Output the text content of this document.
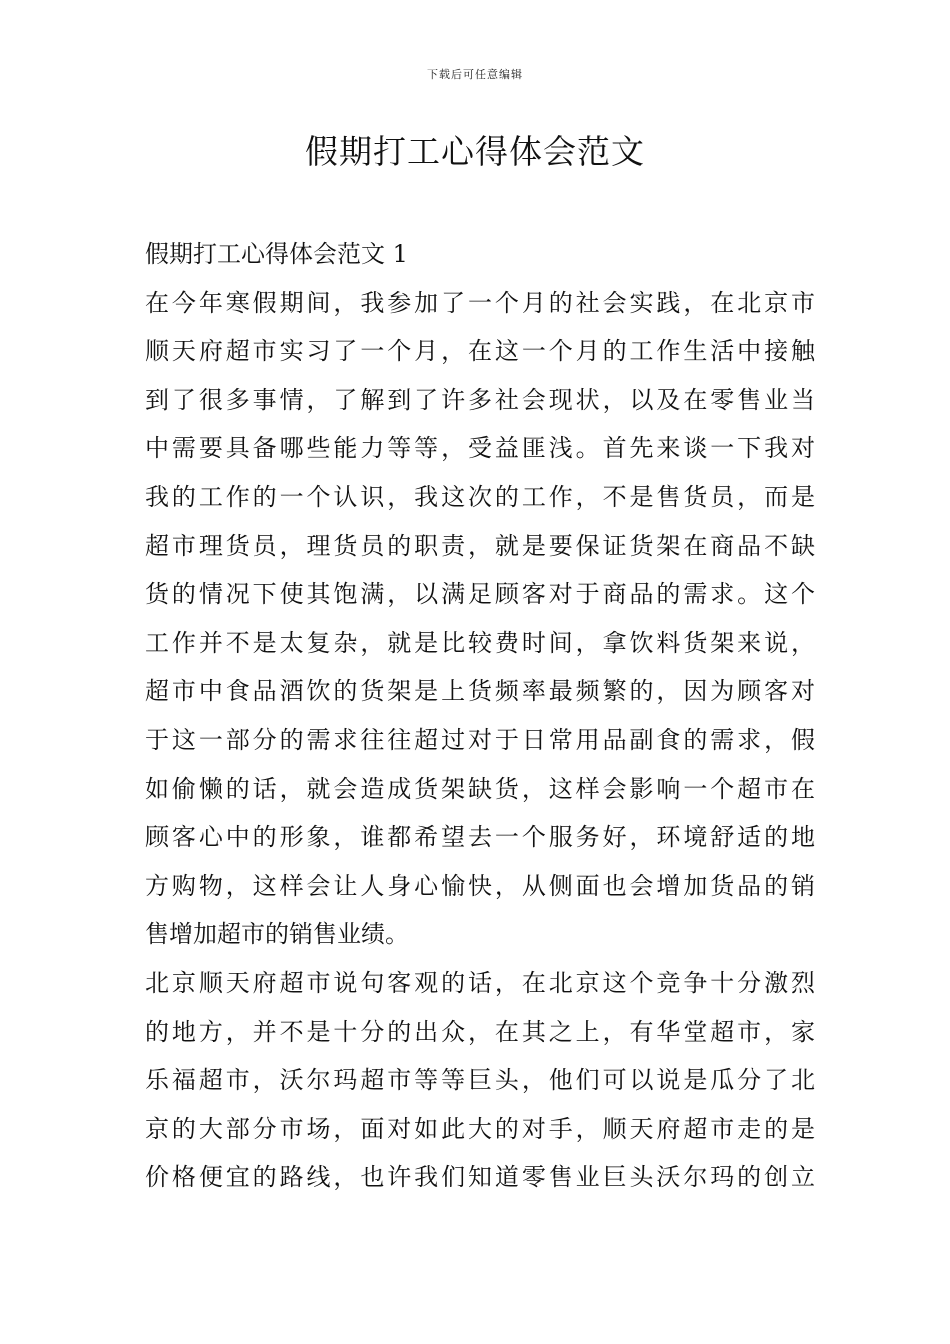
下载后可任意编辑
假期打工心得体会范文
假期打工心得体会范文 1
在今年寒假期间，我参加了一个月的社会实践，在北京市
顺天府超市实习了一个月，在这一个月的工作生活中接触
到了很多事情，了解到了许多社会现状，以及在零售业当
中需要具备哪些能力等等，受益匪浅。首先来谈一下我对
我的工作的一个认识，我这次的工作，不是售货员，而是
超市理货员，理货员的职责，就是要保证货架在商品不缺
货的情况下使其饱满，以满足顾客对于商品的需求。这个
工作并不是太复杂，就是比较费时间，拿饮料货架来说，
超市中食品酒饮的货架是上货频率最频繁的，因为顾客对
于这一部分的需求往往超过对于日常用品副食的需求，假
如偷懒的话，就会造成货架缺货，这样会影响一个超市在
顾客心中的形象，谁都希望去一个服务好，环境舒适的地
方购物，这样会让人身心愉快，从侧面也会增加货品的销
售增加超市的销售业绩。
北京顺天府超市说句客观的话，在北京这个竞争十分激烈
的地方，并不是十分的出众，在其之上，有华堂超市，家
乐福超市，沃尔玛超市等等巨头，他们可以说是瓜分了北
京的大部分市场，面对如此大的对手，顺天府超市走的是
价格便宜的路线，也许我们知道零售业巨头沃尔玛的创立
